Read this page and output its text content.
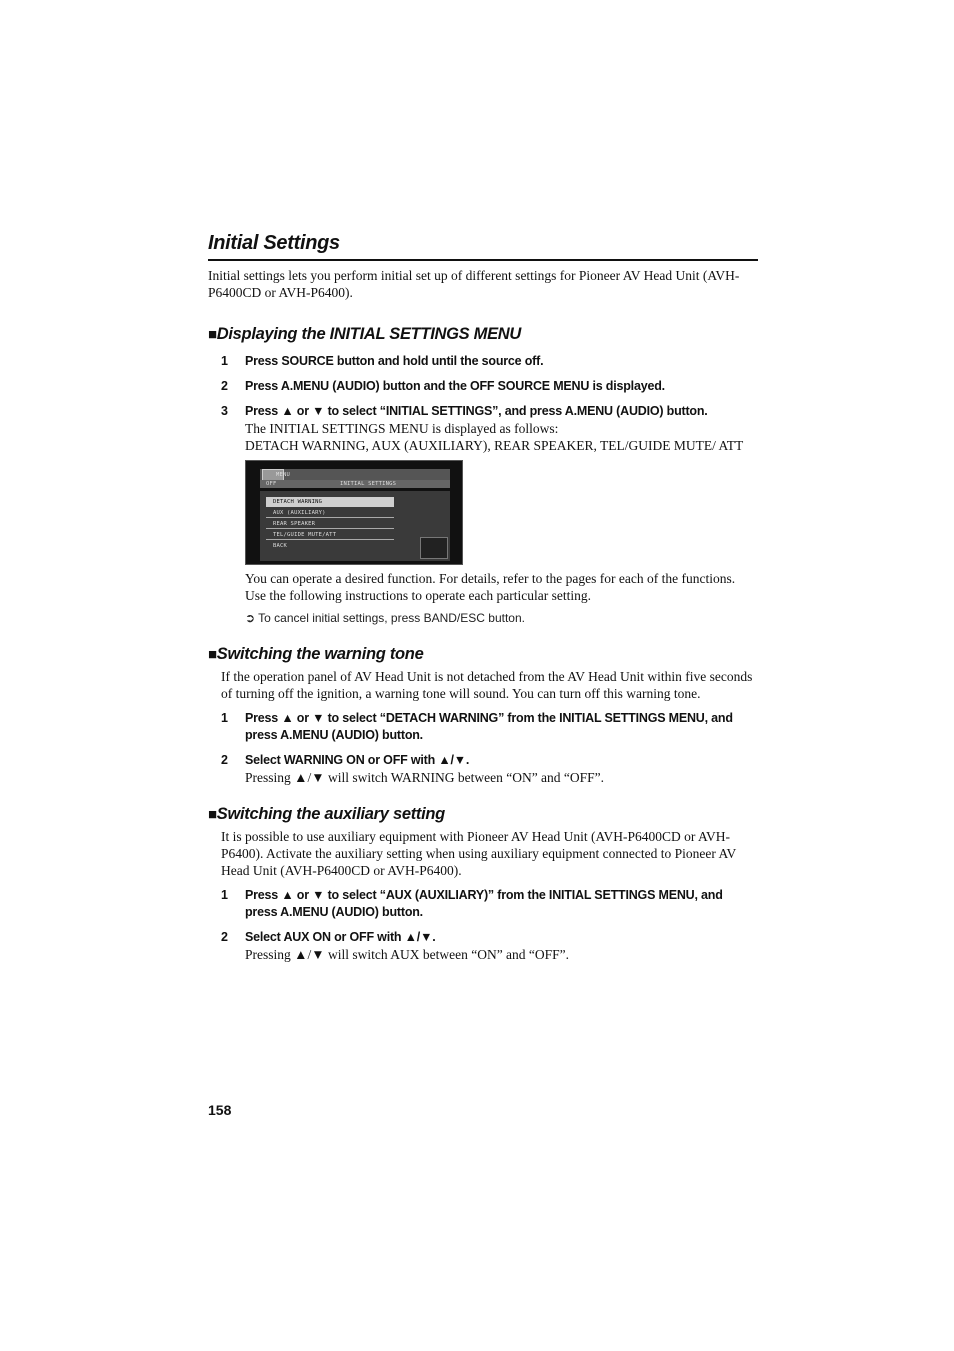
Initial Settings
Initial settings lets you perform initial set up of different settings for Pioneer AV Head Unit (AVH-P6400CD or AVH-P6400).
■Displaying the INITIAL SETTINGS MENU
1 Press SOURCE button and hold until the source off.
2 Press A.MENU (AUDIO) button and the OFF SOURCE MENU is displayed.
3 Press ▲ or ▼ to select “INITIAL SETTINGS”, and press A.MENU (AUDIO) button.
The INITIAL SETTINGS MENU is displayed as follows:
DETACH WARNING, AUX (AUXILIARY), REAR SPEAKER, TEL/GUIDE MUTE/ ATT
MENU
OFF	INITIAL SETTINGS
DETACH WARNING
AUX (AUXILIARY)
REAR SPEAKER
TEL/GUIDE MUTE/ATT
BACK
You can operate a desired function. For details, refer to the pages for each of the functions.
Use the following instructions to operate each particular setting.
➲ To cancel initial settings, press BAND/ESC button.
■Switching the warning tone
If the operation panel of AV Head Unit is not detached from the AV Head Unit within five seconds of turning off the ignition, a warning tone will sound. You can turn off this warning tone.
1 Press ▲ or ▼ to select “DETACH WARNING” from the INITIAL SETTINGS MENU, and press A.MENU (AUDIO) button.
2 Select WARNING ON or OFF with ▲/▼.
Pressing ▲/▼ will switch WARNING between “ON” and “OFF”.
■Switching the auxiliary setting
It is possible to use auxiliary equipment with Pioneer AV Head Unit (AVH-P6400CD or AVH-P6400). Activate the auxiliary setting when using auxiliary equipment connected to Pioneer AV Head Unit (AVH-P6400CD or AVH-P6400).
1 Press ▲ or ▼ to select “AUX (AUXILIARY)” from the INITIAL SETTINGS MENU, and press A.MENU (AUDIO) button.
2 Select AUX ON or OFF with ▲/▼.
Pressing ▲/▼ will switch AUX between “ON” and “OFF”.
158
